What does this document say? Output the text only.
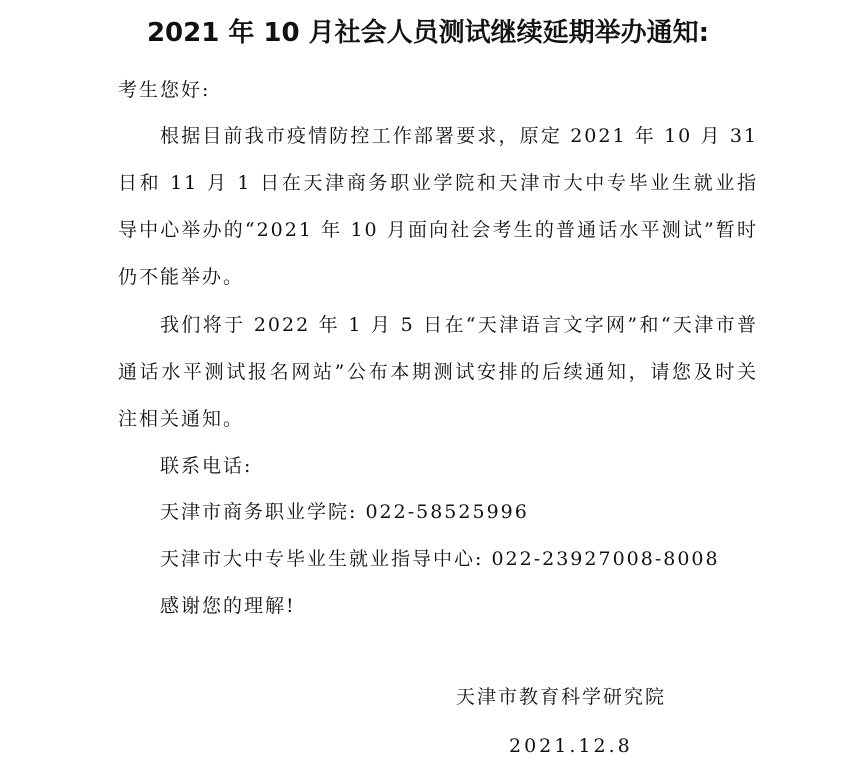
2021 年 10 月社会人员测试继续延期举办通知:
考生您好:

根据目前我市疫情防控工作部署要求，原定 2021 年 10 月 31 日和 11 月 1 日在天津商务职业学院和天津市大中专毕业生就业指导中心举办的“2021 年 10 月面向社会考生的普通话水平测试”暂时仍不能举办。

我们将于 2022 年 1 月 5 日在“天津语言文字网”和“天津市普通话水平测试报名网站”公布本期测试安排的后续通知，请您及时关注相关通知。

联系电话:
天津市商务职业学院: 022-58525996
天津市大中专毕业生就业指导中心: 022-23927008-8008
感谢您的理解!
天津市教育科学研究院
2021.12.8
